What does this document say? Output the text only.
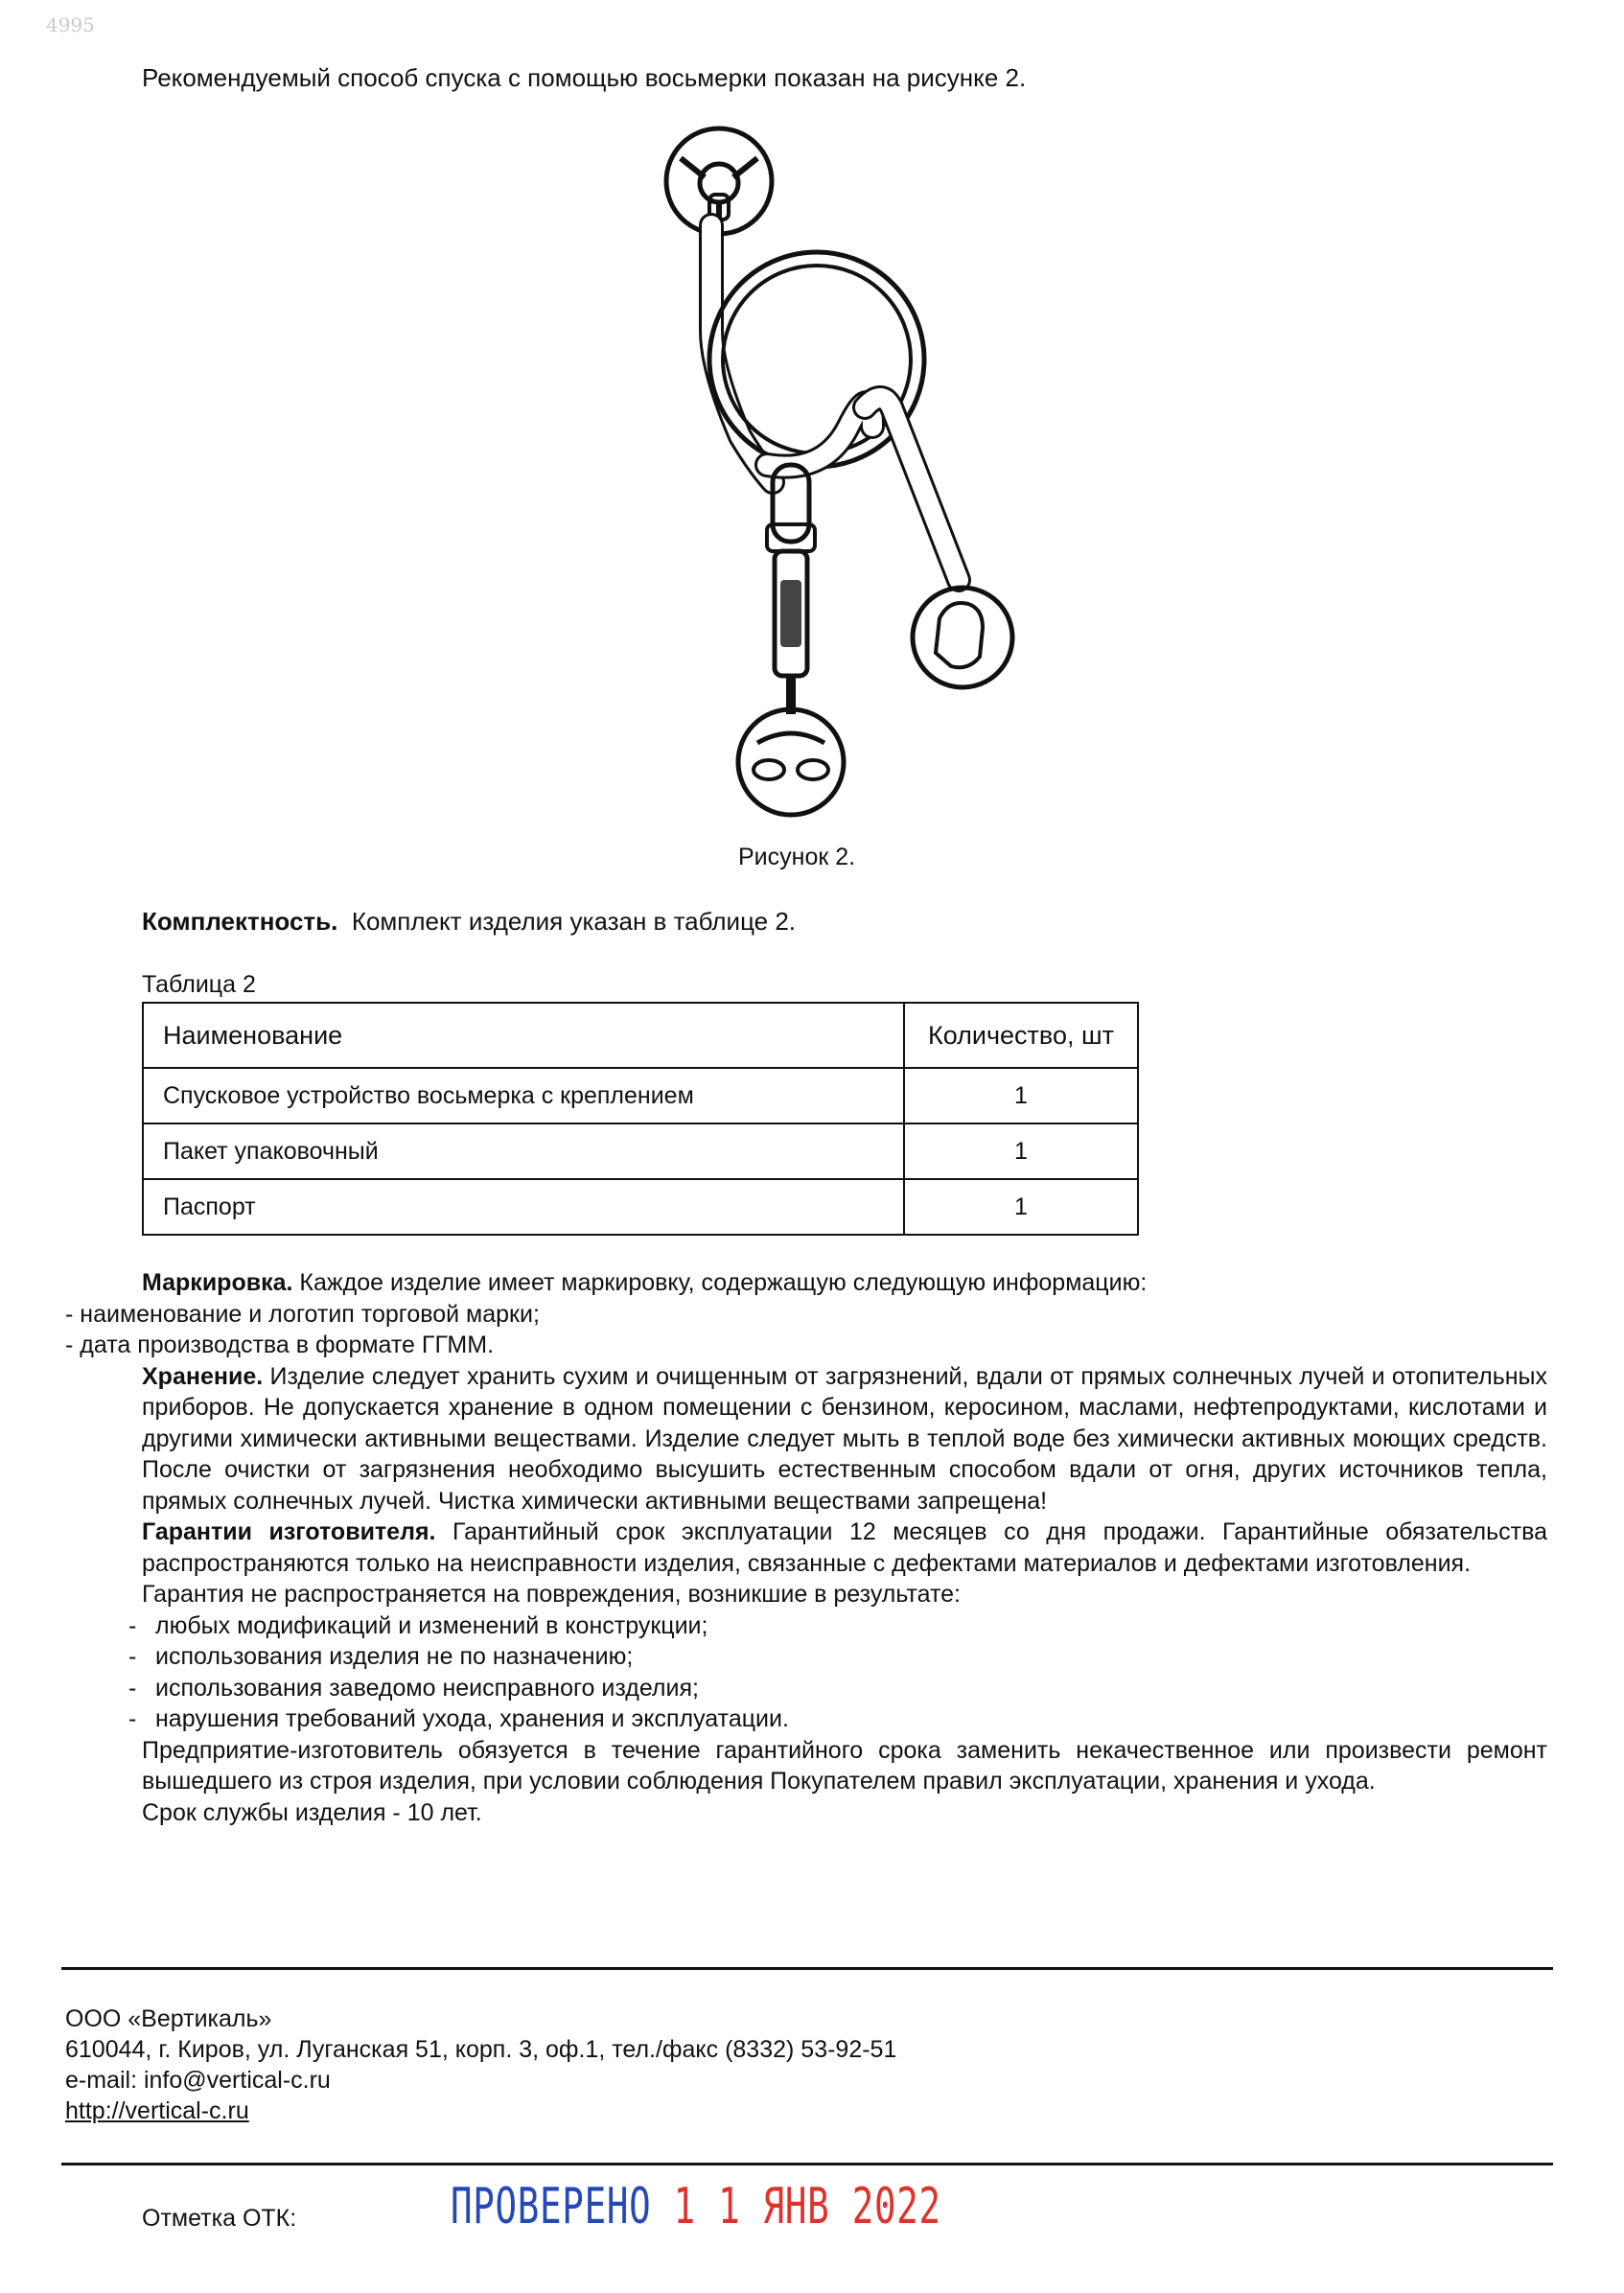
4995
Рекомендуемый способ спуска с помощью восьмерки показан на рисунке 2.
Рисунок 2.
Комплектность. Комплект изделия указан в таблице 2.
Таблица 2
Наименование	Количество, шт
Спусковое устройство восьмерка с креплением	1
Пакет упаковочный	1
Паспорт	1

Маркировка. Каждое изделие имеет маркировку, содержащую следующую информацию:

- наименование и логотип торговой марки;

- дата производства в формате ГГММ.

Хранение. Изделие следует хранить сухим и очищенным от загрязнений, вдали от прямых солнечных лучей и отопительных приборов. Не допускается хранение в одном помещении с бензином, керосином, маслами, нефтепродуктами, кислотами и другими химически активными веществами. Изделие следует мыть в теплой воде без химически активных моющих средств. После очистки от загрязнения необходимо высушить естественным способом вдали от огня, других источников тепла, прямых солнечных лучей. Чистка химически активными веществами запрещена!

Гарантии изготовителя. Гарантийный срок эксплуатации 12 месяцев со дня продажи. Гарантийные обязательства распространяются только на неисправности изделия, связанные с дефектами материалов и дефектами изготовления.

Гарантия не распространяется на повреждения, возникшие в результате:

- любых модификаций и изменений в конструкции;

- использования изделия не по назначению;

- использования заведомо неисправного изделия;

- нарушения требований ухода, хранения и эксплуатации.

Предприятие-изготовитель обязуется в течение гарантийного срока заменить некачественное или произвести ремонт вышедшего из строя изделия, при условии соблюдения Покупателем правил эксплуатации, хранения и ухода.

Срок службы изделия - 10 лет.

ООО «Вертикаль»
610044, г. Киров, ул. Луганская 51, корп. 3, оф.1, тел./факс (8332) 53-92-51
e-mail: info@vertical-c.ru
http://vertical-c.ru
Отметка ОТК:	ПРОВЕРЕНО 1 1 ЯНВ 2022
